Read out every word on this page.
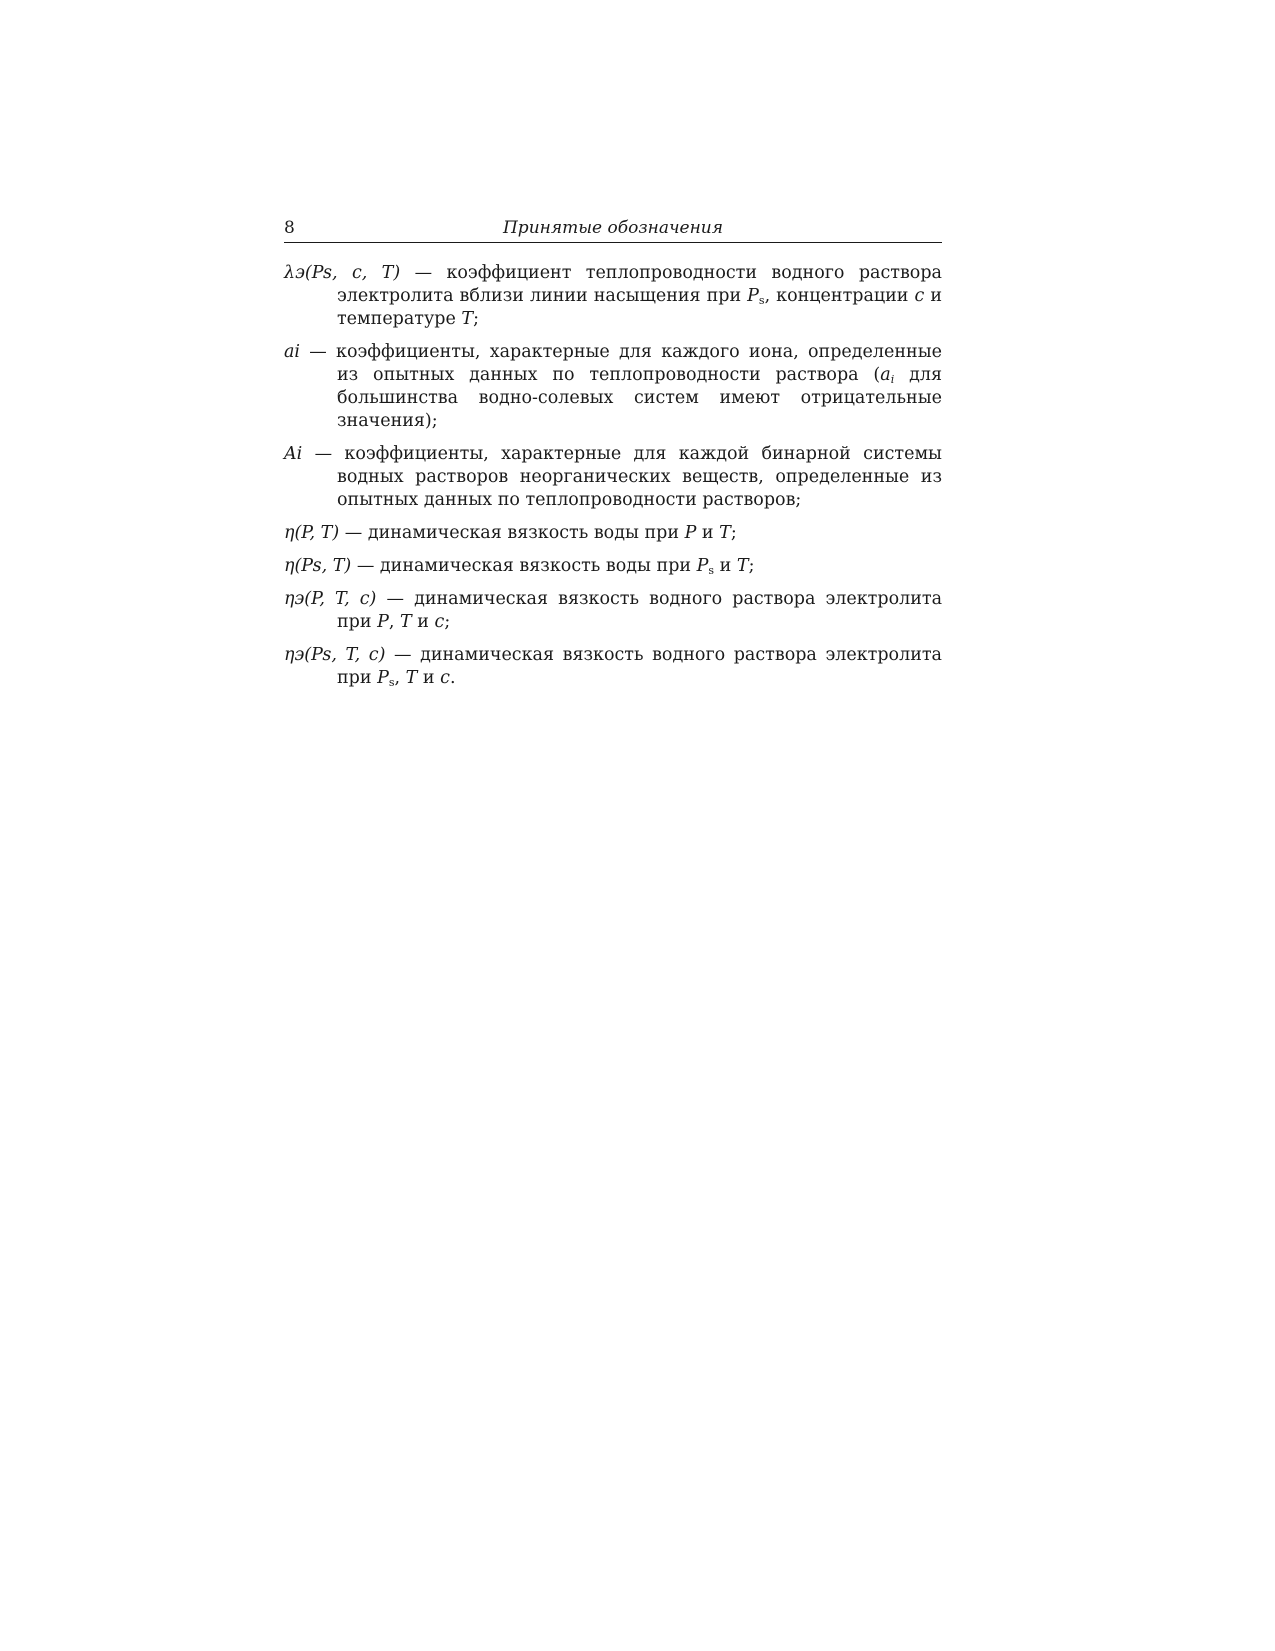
8	Принятые обозначения

λэ(Ps, c, T) — коэффициент теплопроводности водного раствора электролита вблизи линии насыщения при $P_s$, концентрации c и температуре T;

ai — коэффициенты, характерные для каждого иона, определенные из опытных данных по теплопроводности раствора ($a_i$ для большинства водно-солевых систем имеют отрицательные значения);

Ai — коэффициенты, характерные для каждой бинарной системы водных растворов неорганических веществ, определенные из опытных данных по теплопроводности растворов;

η(P, T) — динамическая вязкость воды при P и T;

η(Ps, T) — динамическая вязкость воды при $P_s$ и T;

ηэ(P, T, c) — динамическая вязкость водного раствора электролита при P, T и c;

ηэ(Ps, T, c) — динамическая вязкость водного раствора электролита при $P_s$, T и c.
